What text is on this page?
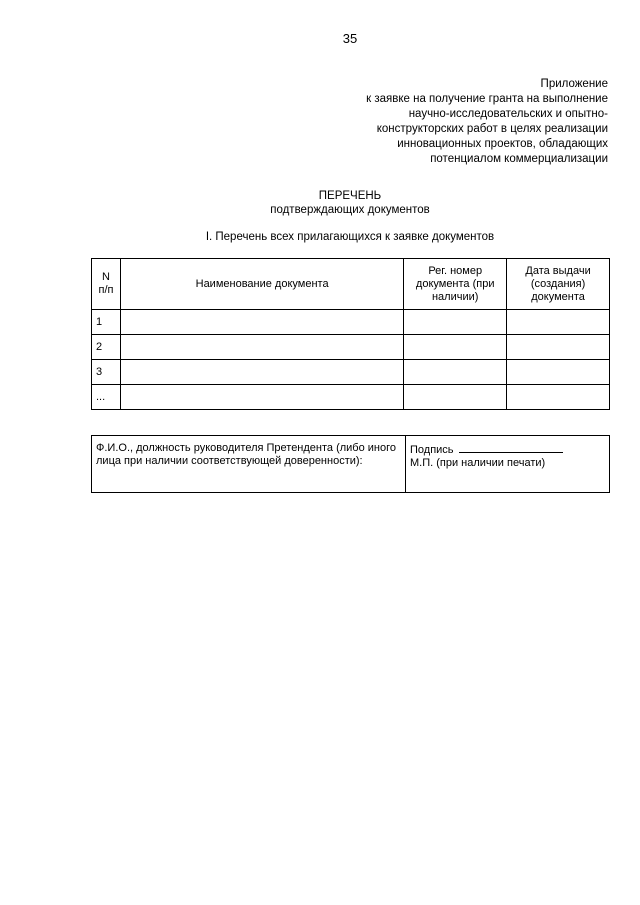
35
Приложение
к заявке на получение гранта на выполнение
научно-исследовательских и опытно-
конструкторских работ в целях реализации
инновационных проектов, обладающих
потенциалом коммерциализации
ПЕРЕЧЕНЬ
подтверждающих документов
I. Перечень всех прилагающихся к заявке документов
N п/п	Наименование документа	Рег. номер документа (при наличии)	Дата выдачи (создания) документа
1			
2			
3			
...			
Ф.И.О., должность руководителя Претендента (либо иного лица при наличии соответствующей доверенности):	
Подпись
М.П. (при наличии печати)
